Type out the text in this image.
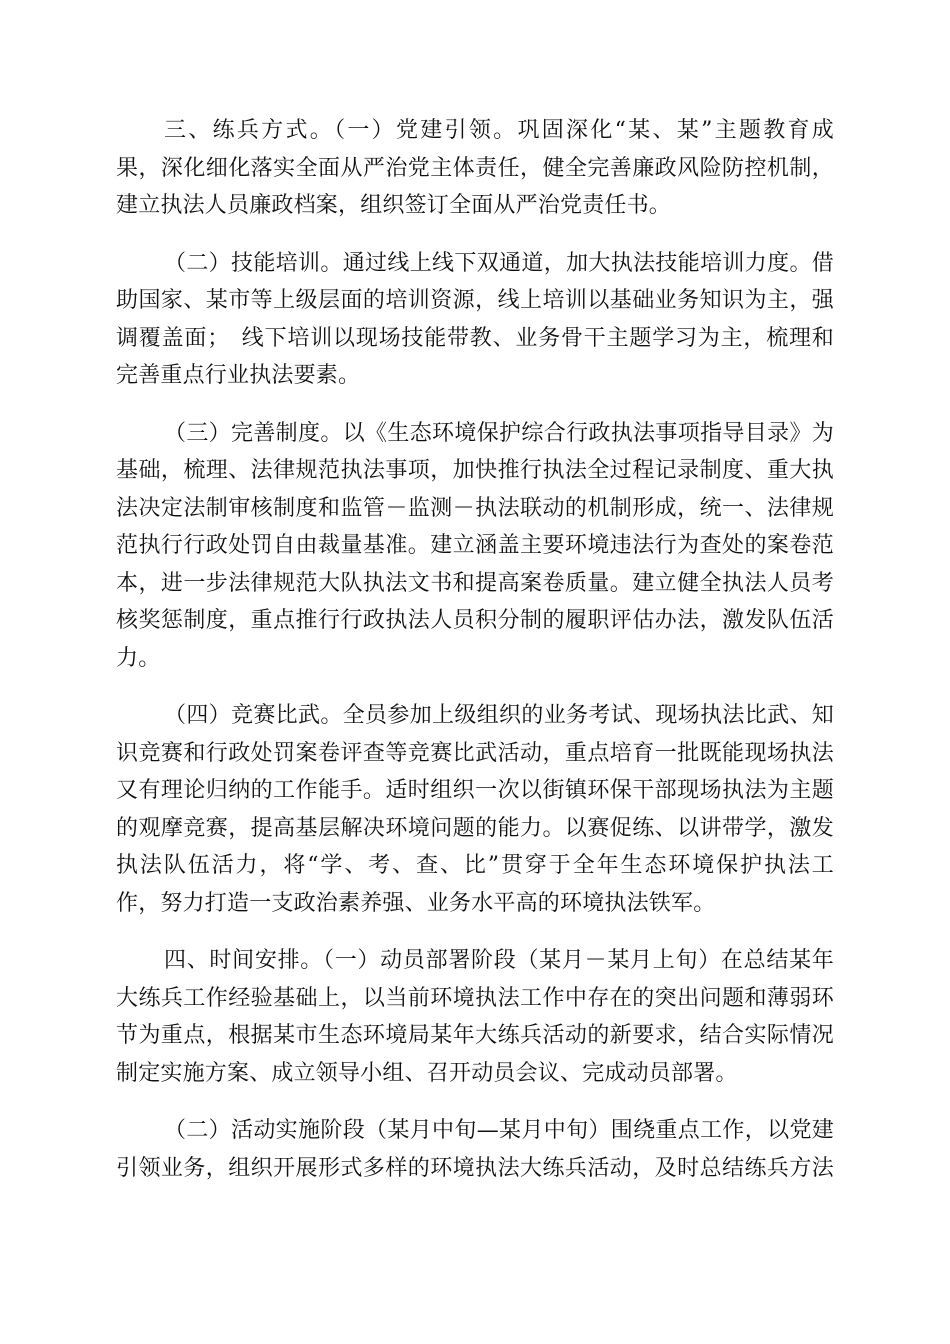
三、练兵方式。（一）党建引领。巩固深化“某、某”主题教育成
果，深化细化落实全面从严治党主体责任，健全完善廉政风险防控机制，
建立执法人员廉政档案，组织签订全面从严治党责任书。

（二）技能培训。通过线上线下双通道，加大执法技能培训力度。借
助国家、某市等上级层面的培训资源，线上培训以基础业务知识为主，强
调覆盖面；　线下培训以现场技能带教、业务骨干主题学习为主，梳理和
完善重点行业执法要素。

（三）完善制度。以《生态环境保护综合行政执法事项指导目录》为
基础，梳理、法律规范执法事项，加快推行执法全过程记录制度、重大执
法决定法制审核制度和监管－监测－执法联动的机制形成，统一、法律规
范执行行政处罚自由裁量基准。建立涵盖主要环境违法行为查处的案卷范
本，进一步法律规范大队执法文书和提高案卷质量。建立健全执法人员考
核奖惩制度，重点推行行政执法人员积分制的履职评估办法，激发队伍活
力。

（四）竞赛比武。全员参加上级组织的业务考试、现场执法比武、知
识竞赛和行政处罚案卷评查等竞赛比武活动，重点培育一批既能现场执法
又有理论归纳的工作能手。适时组织一次以街镇环保干部现场执法为主题
的观摩竞赛，提高基层解决环境问题的能力。以赛促练、以讲带学，激发
执法队伍活力，将“学、考、查、比”贯穿于全年生态环境保护执法工
作，努力打造一支政治素养强、业务水平高的环境执法铁军。

四、时间安排。（一）动员部署阶段（某月－某月上旬）在总结某年
大练兵工作经验基础上，以当前环境执法工作中存在的突出问题和薄弱环
节为重点，根据某市生态环境局某年大练兵活动的新要求，结合实际情况
制定实施方案、成立领导小组、召开动员会议、完成动员部署。

（二）活动实施阶段（某月中旬—某月中旬）围绕重点工作，以党建
引领业务，组织开展形式多样的环境执法大练兵活动，及时总结练兵方法
